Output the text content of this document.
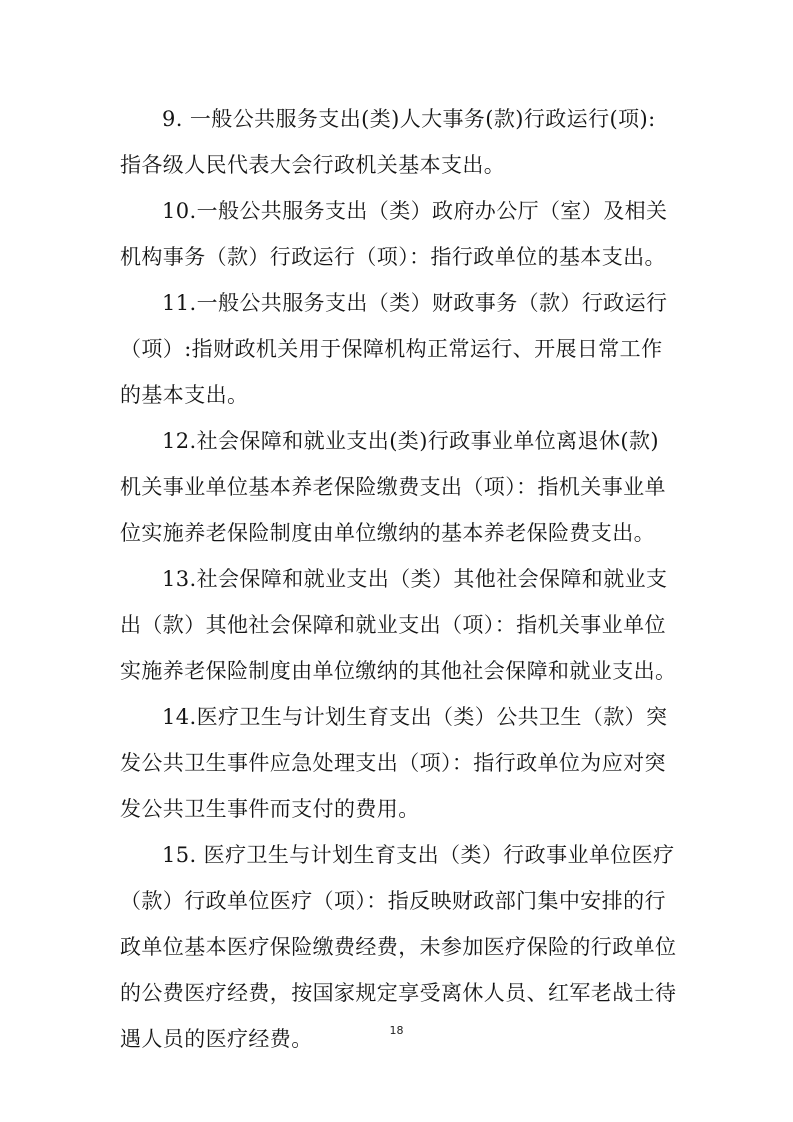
9. 一般公共服务支出(类)人大事务(款)行政运行(项):
指各级人民代表大会行政机关基本支出。
10.一般公共服务支出（类）政府办公厅（室）及相关
机构事务（款）行政运行（项）：指行政单位的基本支出。
11.一般公共服务支出（类）财政事务（款）行政运行
（项）:指财政机关用于保障机构正常运行、开展日常工作
的基本支出。
12.社会保障和就业支出(类)行政事业单位离退休(款)
机关事业单位基本养老保险缴费支出（项）：指机关事业单
位实施养老保险制度由单位缴纳的基本养老保险费支出。
13.社会保障和就业支出（类）其他社会保障和就业支
出（款）其他社会保障和就业支出（项）：指机关事业单位
实施养老保险制度由单位缴纳的其他社会保障和就业支出。
14.医疗卫生与计划生育支出（类）公共卫生（款）突
发公共卫生事件应急处理支出（项）：指行政单位为应对突
发公共卫生事件而支付的费用。
15. 医疗卫生与计划生育支出（类）行政事业单位医疗
（款）行政单位医疗（项）：指反映财政部门集中安排的行
政单位基本医疗保险缴费经费，未参加医疗保险的行政单位
的公费医疗经费，按国家规定享受离休人员、红军老战士待
遇人员的医疗经费。	18
